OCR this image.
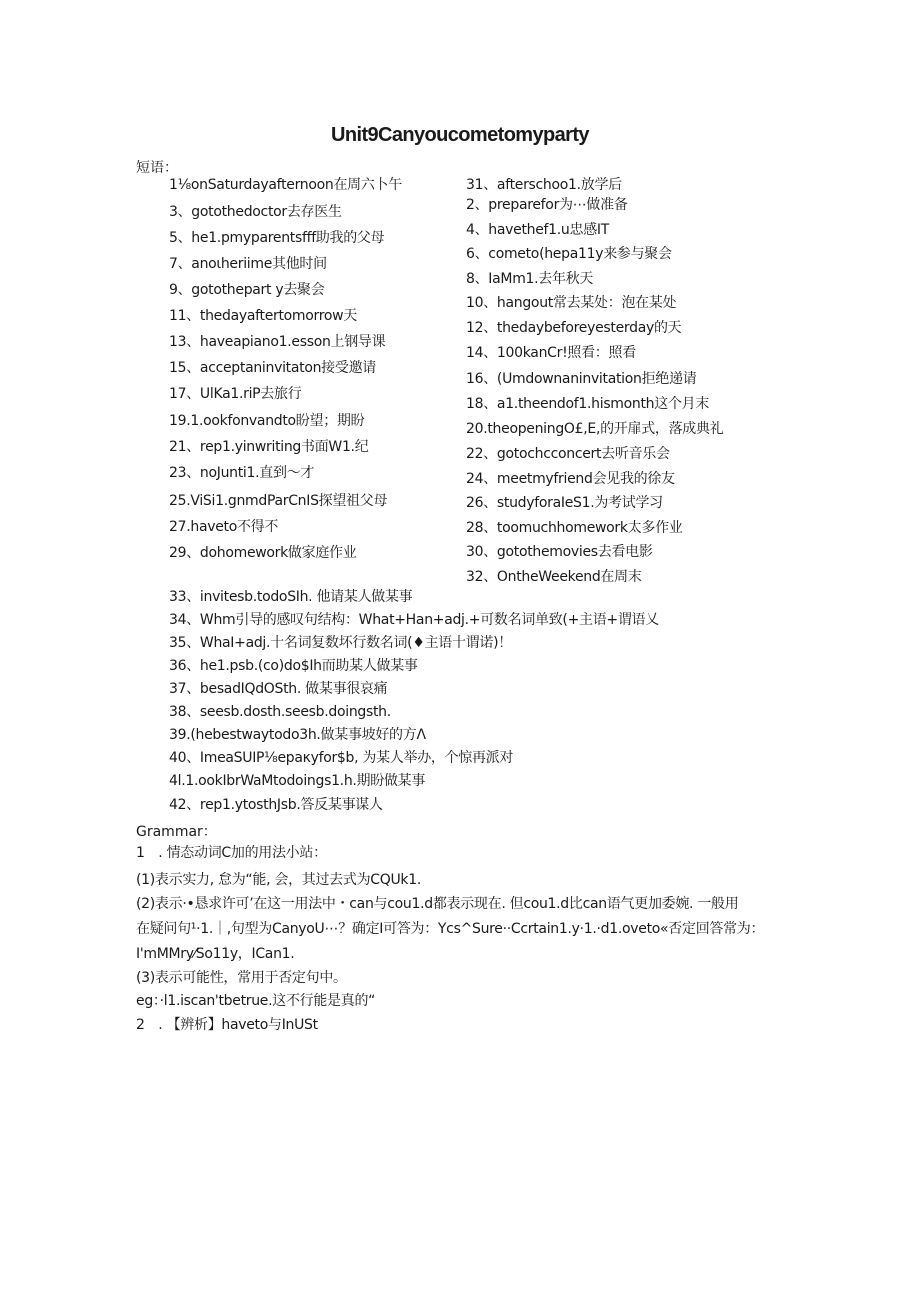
Unit9Canyoucometomyparty
短语：
1⅛onSaturdayafternoon在周六卜午
3、gotothedoctor去存医生
5、he1.pmyparentsfff助我的父母
7、anoιheriime其他时间
9、gotothepart y去聚会
11、thedayaftertomorrow天
13、haveapiano1.esson上钢导课
15、acceptaninvitaton接受邀请
17、UlKa1.riP去旅行
19.1.ookfonvandto盼望；期盼
21、rep1.yinwriting书面W1.纪
23、noJunti1.直到～才
25.ViSi1.gnmdParCnIS探望祖父母
27.haveto不得不
29、dohomework做家庭作业
31、afterschoo1.放学后
2、preparefor为⋯做准备
4、havethef1.u忠感IT
6、cometo(hepa11y来参与聚会
8、IaMm1.去年秋天
10、hangout常去某处：泡在某处
12、thedaybeforeyesterday的天
14、100kanCr!照看：照看
16、(Umdownaninvitation拒绝递请
18、a1.theendof1.hismonth这个月末
20.theopeningO£,E,的开扉式，落成典礼
22、gotochcconcert去听音乐会
24、meetmyfriend会见我的徐友
26、studyforaIeS1.为考试学习
28、toomuchhomework太多作业
30、gotothemovies去看电影
32、OntheWeekend在周末
33、invitesb.todoSIh. 他请某人做某事
34、Whm引导的感叹句结构：What+Han+adj.+可数名词单致(+主语+谓语乂
35、WhaI+adj.十名词复数坏行数名词(♦主语十谓诺)！
36、he1.psb.(co)do$Ih而助某人做某事
37、besadIQdOSth. 做某事很哀痛
38、seesb.dosth.seesb.doingsth.
39.(hebestwaytodo3h.做某事坡好的方Λ
40、ImeaSUIP⅛epaκyfor$b, 为某人举办，个惊再派对
4l.1.ookIbrWaMtodoings1.h.期盼做某事
42、rep1.ytosthJsb.答反某事谋人
Grammar：
1　. 情态动词C加的用法小站：
(1)表示实力, 怠为“能, 会，其过去式为CQUk1.
(2)表示·•恳求许可’在这一用法中・can与cou1.d都表示现在. 但cou1.d比can语气更加委婉. 一般用
在疑问句¹·1.｜,句型为CanyoU⋯？确定I可答为：Ycs^Sure··Ccrtain1.y·1.·d1.oveto«否定回答常为：
I'mMMry⁄So11y，ICan1.
(3)表示可能性，常用于否定句中。
eg：·l1.iscan'tbetrue.这不行能是真的“
2　. 【辨析】haveto与InUSt
